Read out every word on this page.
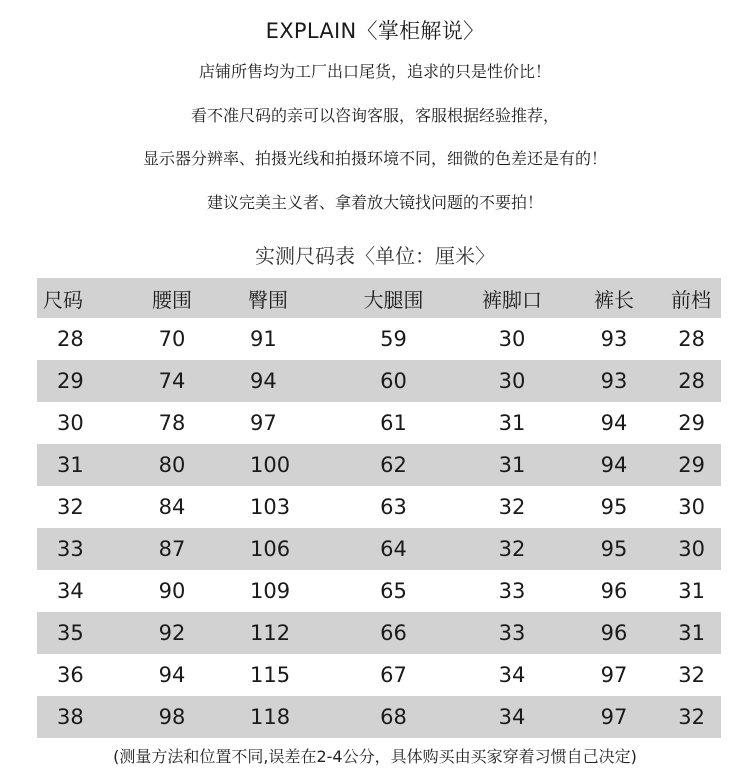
EXPLAIN〈掌柜解说〉
店铺所售均为工厂出口尾货，追求的只是性价比！
看不准尺码的亲可以咨询客服，客服根据经验推荐，
显示器分辨率、拍摄光线和拍摄环境不同，细微的色差还是有的！
建议完美主义者、拿着放大镜找问题的不要拍！
实测尺码表〈单位：厘米〉
尺码	腰围	臀围	大腿围	裤脚口	裤长	前档
28	70	91	59	30	93	28
29	74	94	60	30	93	28
30	78	97	61	31	94	29
31	80	100	62	31	94	29
32	84	103	63	32	95	30
33	87	106	64	32	95	30
34	90	109	65	33	96	31
35	92	112	66	33	96	31
36	94	115	67	34	97	32
38	98	118	68	34	97	32
(测量方法和位置不同,误差在2-4公分，具体购买由买家穿着习惯自己决定)
